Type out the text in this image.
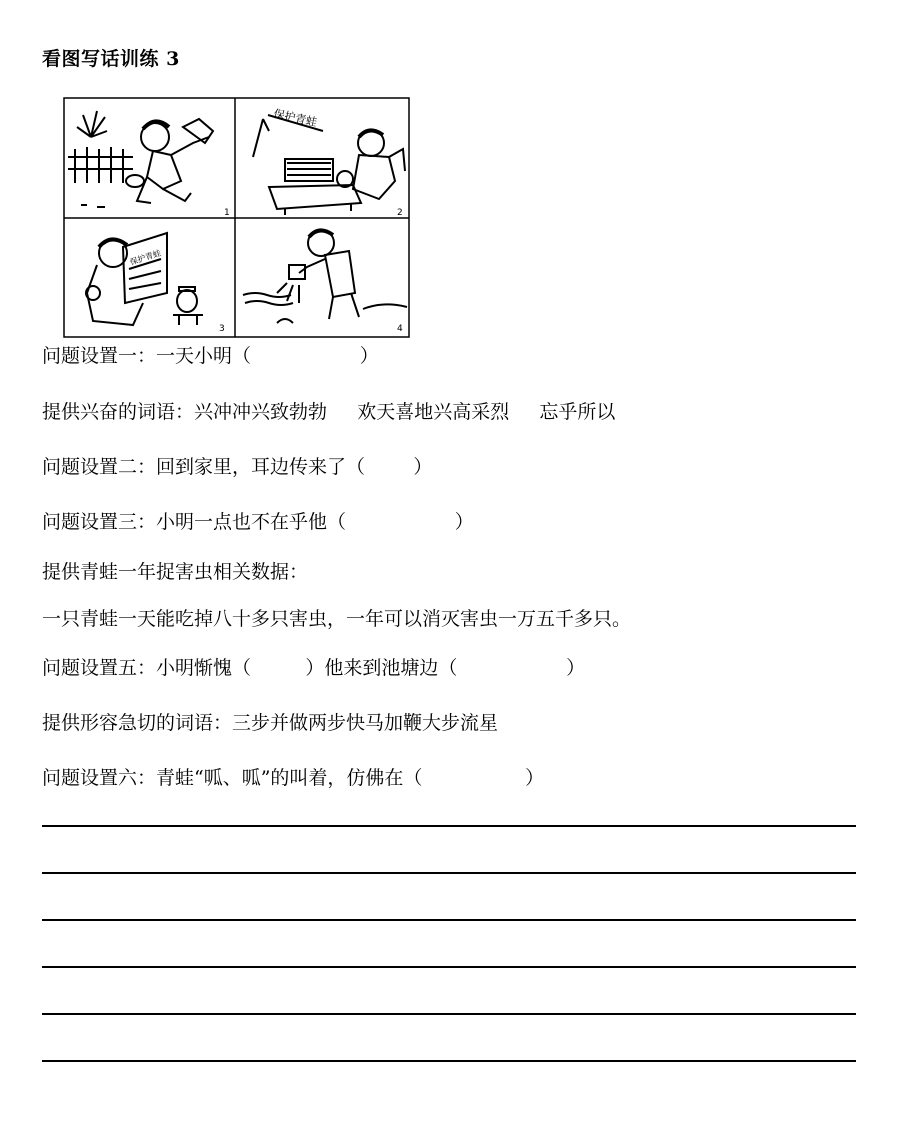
看图写话训练 3
1
保护青蛙
2
保护青蛙
3	4
问题设置一：一天小明（                  ）
提供兴奋的词语：兴冲冲兴致勃勃     欢天喜地兴高采烈     忘乎所以
问题设置二：回到家里，耳边传来了（        ）
问题设置三：小明一点也不在乎他（                  ）
提供青蛙一年捉害虫相关数据：
一只青蛙一天能吃掉八十多只害虫，一年可以消灭害虫一万五千多只。
问题设置五：小明惭愧（         ）他来到池塘边（                  ）
提供形容急切的词语：三步并做两步快马加鞭大步流星
问题设置六：青蛙“呱、呱”的叫着，仿佛在（                 ）
